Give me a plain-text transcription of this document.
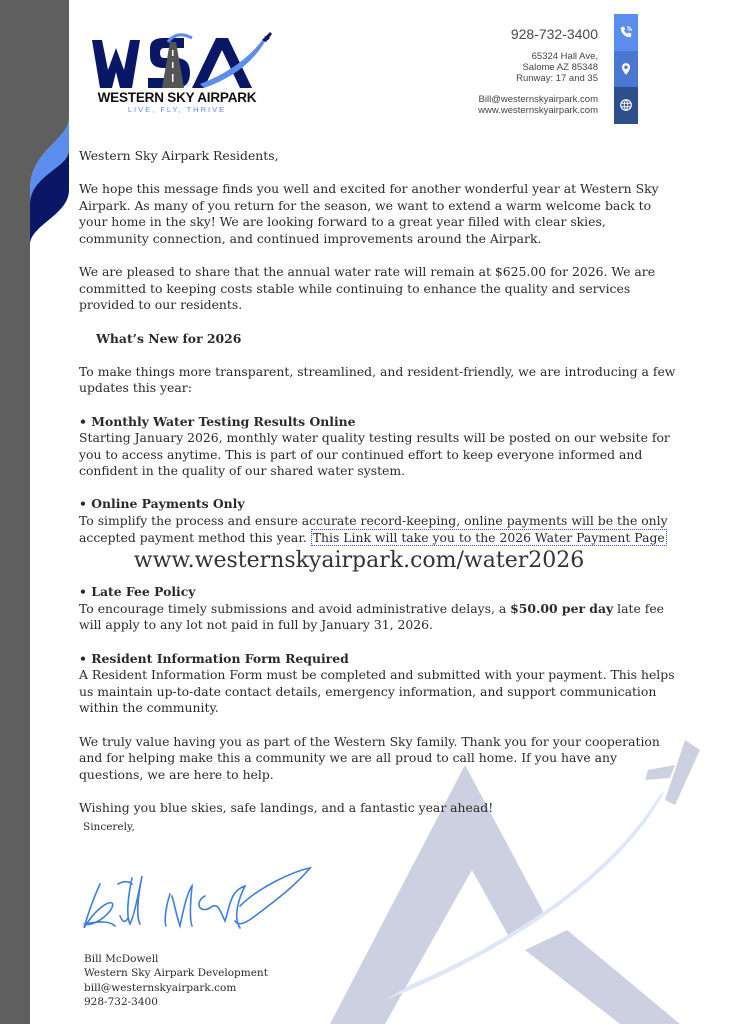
WESTERN SKY AIRPARK
LIVE, FLY, THRIVE
928-732-3400
65324 Hall Ave,
Salome AZ 85348
Runway: 17 and 35
Bill@westernskyairpark.com
www.westernskyairpark.com

Western Sky Airpark Residents,

We hope this message finds you well and excited for another wonderful year at Western Sky Airpark. As many of you return for the season, we want to extend a warm welcome back to your home in the sky! We are looking forward to a great year filled with clear skies, community connection, and continued improvements around the Airpark.

We are pleased to share that the annual water rate will remain at $625.00 for 2026. We are committed to keeping costs stable while continuing to enhance the quality and services provided to our residents.

What’s New for 2026

To make things more transparent, streamlined, and resident-friendly, we are introducing a few updates this year:

• Monthly Water Testing Results Online
Starting January 2026, monthly water quality testing results will be posted on our website for you to access anytime. This is part of our continued effort to keep everyone informed and confident in the quality of our shared water system.

• Online Payments Only
To simplify the process and ensure accurate record-keeping, online payments will be the only accepted payment method this year. This Link will take you to the 2026 Water Payment Page

www.westernskyairpark.com/water2026

• Late Fee Policy
To encourage timely submissions and avoid administrative delays, a $50.00 per day late fee will apply to any lot not paid in full by January 31, 2026.

• Resident Information Form Required
A Resident Information Form must be completed and submitted with your payment. This helps us maintain up-to-date contact details, emergency information, and support communication within the community.

We truly value having you as part of the Western Sky family. Thank you for your cooperation and for helping make this a community we are all proud to call home. If you have any questions, we are here to help.

Wishing you blue skies, safe landings, and a fantastic year ahead!

Sincerely,

Bill McDowell
Western Sky Airpark Development
bill@westernskyairpark.com
928-732-3400
